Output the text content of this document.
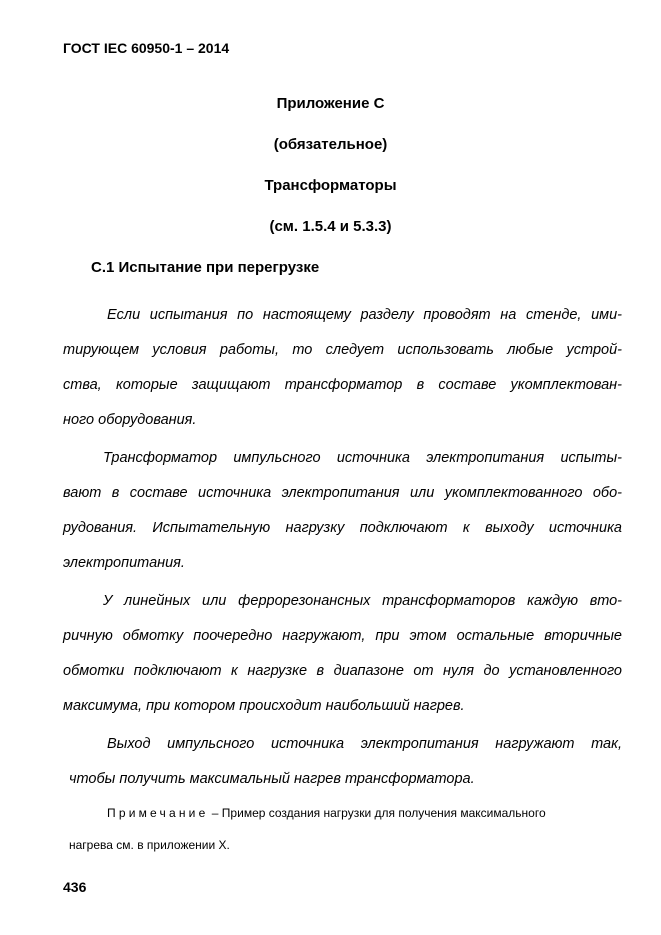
ГОСТ IEC 60950-1 – 2014
Приложение С
(обязательное)
Трансформаторы
(см. 1.5.4 и 5.3.3)
С.1 Испытание при перегрузке
Если испытания по настоящему разделу проводят на стенде, ими-
тирующем условия работы, то следует использовать любые устрой-
ства, которые защищают трансформатор в составе укомплектован-
ного оборудования.
Трансформатор импульсного источника электропитания испыты-
вают в составе источника электропитания или укомплектованного обо-
рудования. Испытательную нагрузку подключают к выходу источника
электропитания.
У линейных или феррорезонансных трансформаторов каждую вто-
ричную обмотку поочередно нагружают, при этом остальные вторичные
обмотки подключают к нагрузке в диапазоне от нуля до установленного
максимума, при котором происходит наибольший нагрев.
Выход импульсного источника электропитания нагружают так,
чтобы получить максимальный нагрев трансформатора.
Примечание – Пример создания нагрузки для получения максимального
нагрева см. в приложении Х.
436
